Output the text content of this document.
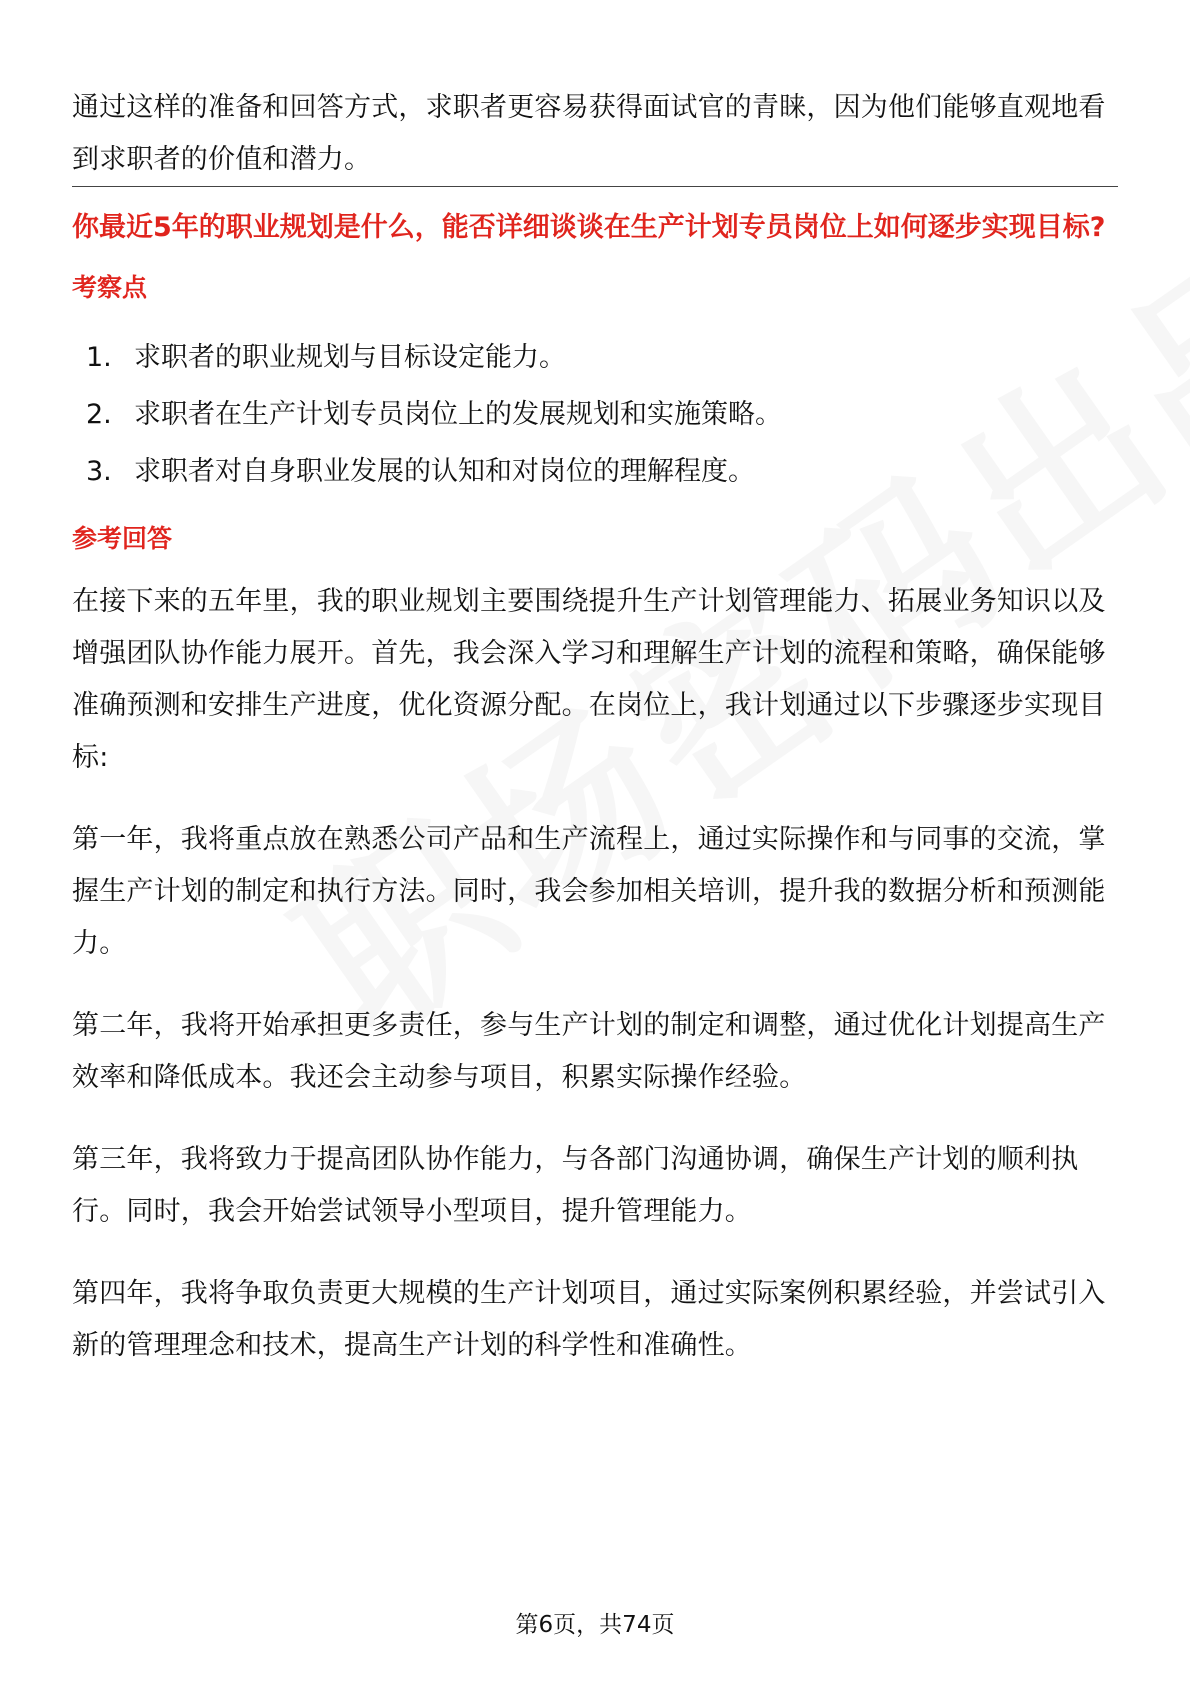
通过这样的准备和回答方式，求职者更容易获得面试官的青睐，因为他们能够直观地看到求职者的价值和潜力。

你最近5年的职业规划是什么，能否详细谈谈在生产计划专员岗位上如何逐步实现目标?
考察点
1. 求职者的职业规划与目标设定能力。
2. 求职者在生产计划专员岗位上的发展规划和实施策略。
3. 求职者对自身职业发展的认知和对岗位的理解程度。
参考回答

在接下来的五年里，我的职业规划主要围绕提升生产计划管理能力、拓展业务知识以及增强团队协作能力展开。首先，我会深入学习和理解生产计划的流程和策略，确保能够准确预测和安排生产进度，优化资源分配。在岗位上，我计划通过以下步骤逐步实现目标:

第一年，我将重点放在熟悉公司产品和生产流程上，通过实际操作和与同事的交流，掌握生产计划的制定和执行方法。同时，我会参加相关培训，提升我的数据分析和预测能力。

第二年，我将开始承担更多责任，参与生产计划的制定和调整，通过优化计划提高生产效率和降低成本。我还会主动参与项目，积累实际操作经验。

第三年，我将致力于提高团队协作能力，与各部门沟通协调，确保生产计划的顺利执行。同时，我会开始尝试领导小型项目，提升管理能力。

第四年，我将争取负责更大规模的生产计划项目，通过实际案例积累经验，并尝试引入新的管理理念和技术，提高生产计划的科学性和准确性。

第6页，共74页
